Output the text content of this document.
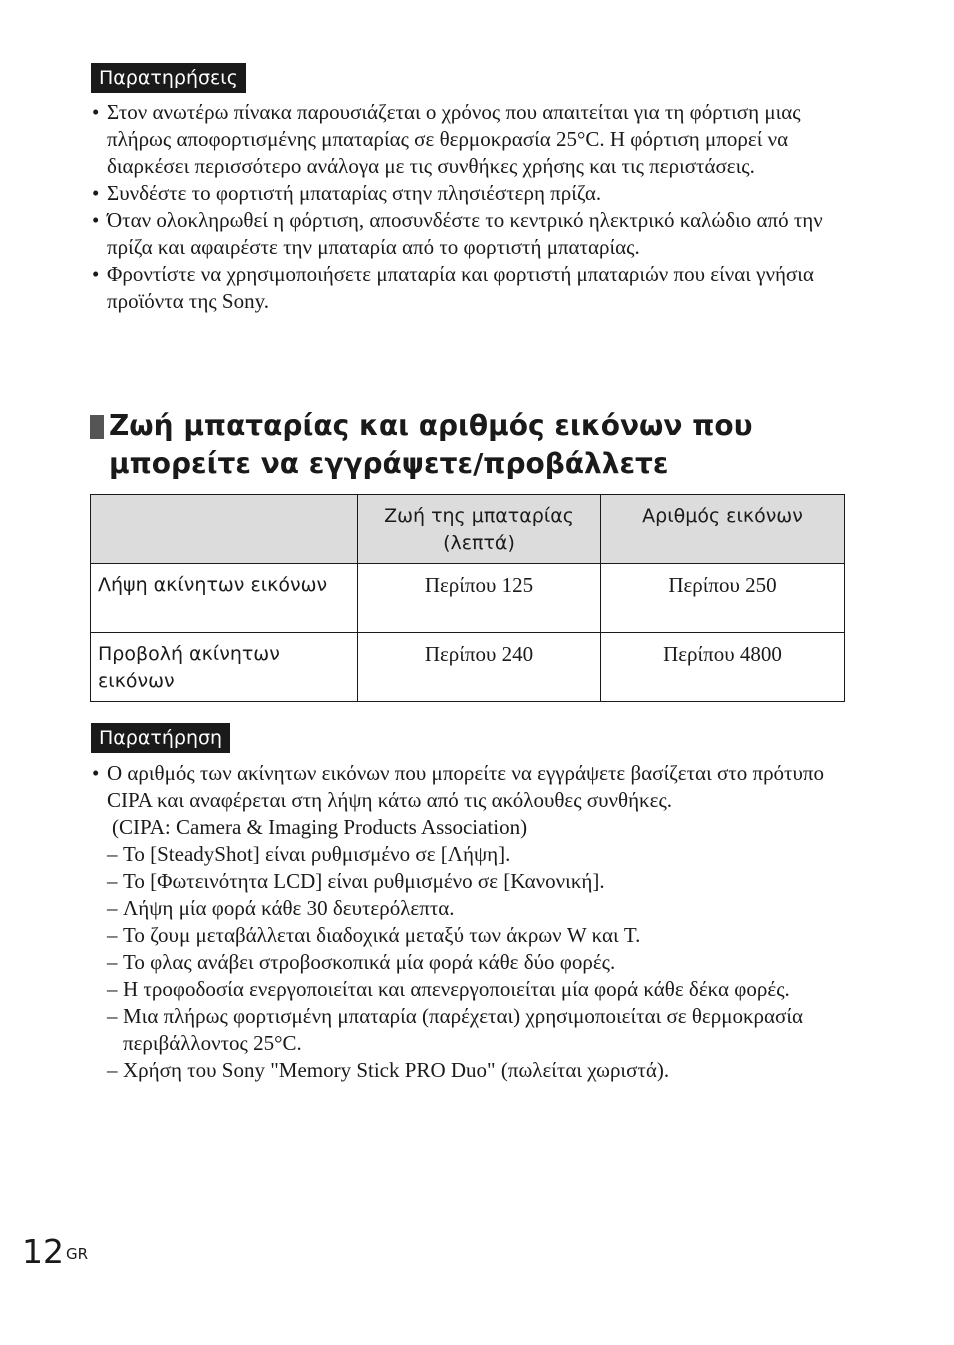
Παρατηρήσεις
• Στον ανωτέρω πίνακα παρουσιάζεται ο χρόνος που απαιτείται για τη φόρτιση μιας πλήρως αποφορτισμένης μπαταρίας σε θερμοκρασία 25°C. Η φόρτιση μπορεί να διαρκέσει περισσότερο ανάλογα με τις συνθήκες χρήσης και τις περιστάσεις.
• Συνδέστε το φορτιστή μπαταρίας στην πλησιέστερη πρίζα.
• Όταν ολοκληρωθεί η φόρτιση, αποσυνδέστε το κεντρικό ηλεκτρικό καλώδιο από την πρίζα και αφαιρέστε την μπαταρία από το φορτιστή μπαταρίας.
• Φροντίστε να χρησιμοποιήσετε μπαταρία και φορτιστή μπαταριών που είναι γνήσια προϊόντα της Sony.
Ζωή μπαταρίας και αριθμός εικόνων που
μπορείτε να εγγράψετε/προβάλλετε
	Ζωή της μπαταρίας (λεπτά)	Αριθμός εικόνων
Λήψη ακίνητων εικόνων	Περίπου 125	Περίπου 250
Προβολή ακίνητων εικόνων	Περίπου 240	Περίπου 4800
Παρατήρηση
• Ο αριθμός των ακίνητων εικόνων που μπορείτε να εγγράψετε βασίζεται στο πρότυπο CIPA και αναφέρεται στη λήψη κάτω από τις ακόλουθες συνθήκες.
(CIPA: Camera & Imaging Products Association)
– Το [SteadyShot] είναι ρυθμισμένο σε [Λήψη].
– Το [Φωτεινότητα LCD] είναι ρυθμισμένο σε [Κανονική].
– Λήψη μία φορά κάθε 30 δευτερόλεπτα.
– Το ζουμ μεταβάλλεται διαδοχικά μεταξύ των άκρων W και T.
– Το φλας ανάβει στροβοσκοπικά μία φορά κάθε δύο φορές.
– Η τροφοδοσία ενεργοποιείται και απενεργοποιείται μία φορά κάθε δέκα φορές.
– Μια πλήρως φορτισμένη μπαταρία (παρέχεται) χρησιμοποιείται σε θερμοκρασία περιβάλλοντος 25°C.
– Χρήση του Sony "Memory Stick PRO Duo" (πωλείται χωριστά).
12 $^{GR}$
